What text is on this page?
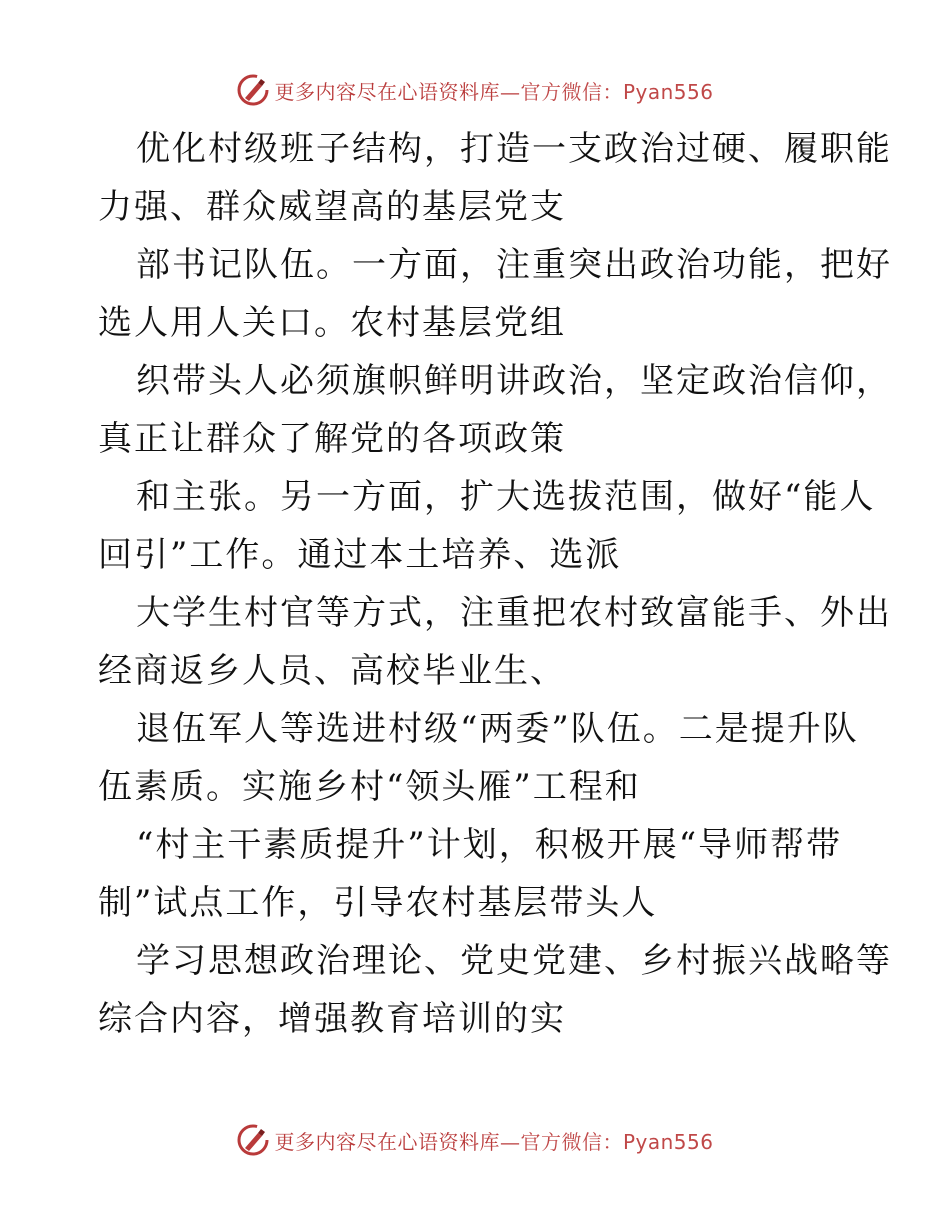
更多内容尽在心语资料库—官方微信：Pyan556

优化村级班子结构，打造一支政治过硬、履职能
力强、群众威望高的基层党支

部书记队伍。一方面，注重突出政治功能，把好
选人用人关口。农村基层党组

织带头人必须旗帜鲜明讲政治，坚定政治信仰，
真正让群众了解党的各项政策

和主张。另一方面，扩大选拔范围，做好“能人
回引”工作。通过本土培养、选派

大学生村官等方式，注重把农村致富能手、外出
经商返乡人员、高校毕业生、

退伍军人等选进村级“两委”队伍。二是提升队
伍素质。实施乡村“领头雁”工程和

“村主干素质提升”计划，积极开展“导师帮带
制”试点工作，引导农村基层带头人

学习思想政治理论、党史党建、乡村振兴战略等
综合内容，增强教育培训的实

更多内容尽在心语资料库—官方微信：Pyan556
